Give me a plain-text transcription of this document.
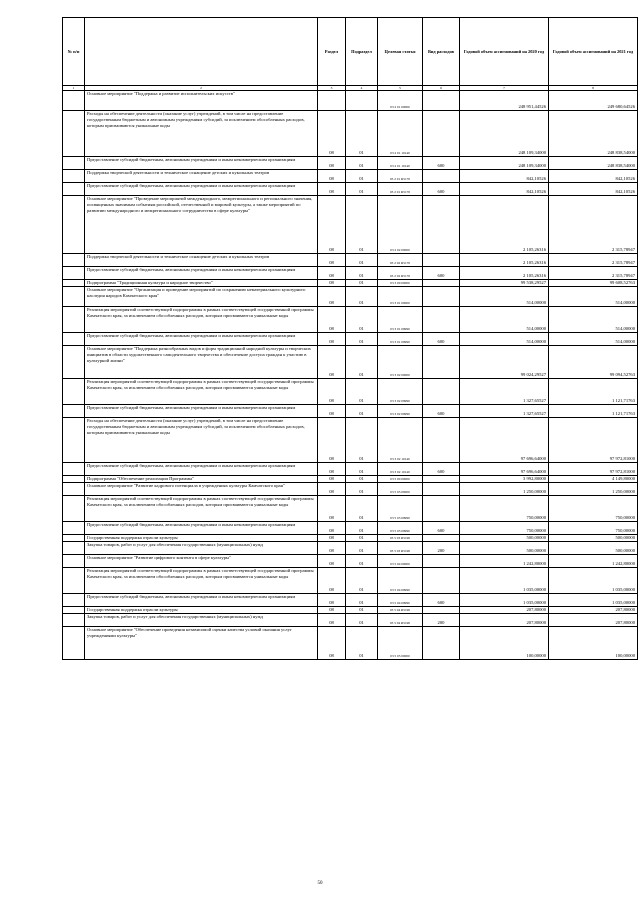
№ п/п		Раздел	Подраздел	Целевая статья	Вид расходов	Годовой объем ассигнований на 2020 год	Годовой объем ассигнований на 2021 год
1	2	3	4	5	6	7	8
	Основное мероприятие "Поддержка и развитие исполнительских искусств"			03 2 01 00000		248 951,44526	249 680,64526
	Расходы на обеспечение деятельности (оказание услуг) учреждений, в том числе на предоставление государственным бюджетным и автономным учреждениям субсидий, за исключением обособленных расходов, которым присваиваются уникальные коды	08	01	03 2 01 10140		248 109,34000	248 838,54000
	Предоставление субсидий бюджетным, автономным учреждениям и иным некоммерческим организациям	08	01	03 2 01 10140	600	248 109,34000	248 838,54000
	Поддержка творческой деятельности и техническое оснащение детских и кукольных театров	08	01	03 2 01 R5170		842,10526	842,10526
	Предоставление субсидий бюджетным, автономным учреждениям и иным некоммерческим организациям	08	01	03 2 01 R5170	600	842,10526	842,10526
	Основное мероприятие "Проведение мероприятий международного, межрегионального и регионального значения, посвященных значимым событиям российской, отечественной и мировой культуры, а также мероприятий по развитию международного и межрегионального сотрудничества в сфере культуры"	08	01	03 2 02 00000		2 105,26316	2 315,78947
	Поддержка творческой деятельности и техническое оснащение детских и кукольных театров	08	01	03 2 02 R5170		2 105,26316	2 315,78947
	Предоставление субсидий бюджетным, автономным учреждениям и иным некоммерческим организациям	08	01	03 2 02 R5170	600	2 105,26316	2 315,78947
	Подпрограмма "Традиционная культура и народное творчество"	08	01	03 3 00 00000		99 538,29527	99 608,52763
	Основное мероприятие "Организация и проведение мероприятий по сохранению нематериального культурного наследия народов Камчатского края"	08	01	03 3 01 00000		514,00000	514,00000
	Реализация мероприятий соответствующей подпрограммы в рамках соответствующей государственной программы Камчатского края, за исключением обособленных расходов, которым присваиваются уникальные коды	08	01	03 3 01 09990		514,00000	514,00000
	Предоставление субсидий бюджетным, автономным учреждениям и иным некоммерческим организациям	08	01	03 3 01 09990	600	514,00000	514,00000
	Основное мероприятие "Поддержка разнообразных видов и форм традиционной народной культуры и творческих инициатив в области художественного самодеятельного творчества и обеспечение доступа граждан к участию в культурной жизни"	08	01	03 3 02 00000		99 024,29527	99 094,52763
	Реализация мероприятий соответствующей подпрограммы в рамках соответствующей государственной программы Камчатского края, за исключением обособленных расходов, которым присваиваются уникальные коды	08	01	03 3 02 09990		1 327,65527	1 121,71763
	Предоставление субсидий бюджетным, автономным учреждениям и иным некоммерческим организациям	08	01	03 3 02 09990	600	1 327,65527	1 121,71763
	Расходы на обеспечение деятельности (оказание услуг) учреждений, в том числе на предоставление государственным бюджетным и автономным учреждениям субсидий, за исключением обособленных расходов, которым присваиваются уникальные коды	08	01	03 3 02 10140		97 696,64000	97 972,81000
	Предоставление субсидий бюджетным, автономным учреждениям и иным некоммерческим организациям	08	01	03 3 02 10140	600	97 696,64000	97 972,81000
	Подпрограмма "Обеспечение реализации Программы"	08	01	03 5 00 00000		3 992,80000	4 149,80000
	Основное мероприятие "Развитие кадрового потенциала в учреждениях культуры Камчатского края"	08	01	03 5 03 00000		1 250,00000	1 250,00000
	Реализация мероприятий соответствующей подпрограммы в рамках соответствующей государственной программы Камчатского края, за исключением обособленных расходов, которым присваиваются уникальные коды	08	01	03 5 03 09990		750,00000	750,00000
	Предоставление субсидий бюджетным, автономным учреждениям и иным некоммерческим организациям	08	01	03 5 03 09990	600	750,00000	750,00000
	Государственная поддержка отрасли культуры	08	01	03 5 03 R5190		500,00000	500,00000
	Закупка товаров, работ и услуг для обеспечения государственных (муниципальных) нужд	08	01	03 5 03 R5190	200	500,00000	500,00000
	Основное мероприятие "Развитие цифрового контента в сфере культуры"	08	01	03 5 04 00000		1 242,80000	1 242,80000
	Реализация мероприятий соответствующей подпрограммы в рамках соответствующей государственной программы Камчатского края, за исключением обособленных расходов, которым присваиваются уникальные коды	08	01	03 5 04 09990		1 035,00000	1 035,00000
	Предоставление субсидий бюджетным, автономным учреждениям и иным некоммерческим организациям	08	01	03 5 04 09990	600	1 035,00000	1 035,00000
	Государственная поддержка отрасли культуры	08	01	03 5 04 R5190		207,80000	207,80000
	Закупка товаров, работ и услуг для обеспечения государственных (муниципальных) нужд	08	01	03 5 04 R5190	200	207,80000	207,80000
	Основное мероприятие "Обеспечение проведения независимой оценки качества условий оказания услуг учреждениями культуры"	08	01	03 5 05 00000		100,00000	100,00000
50
